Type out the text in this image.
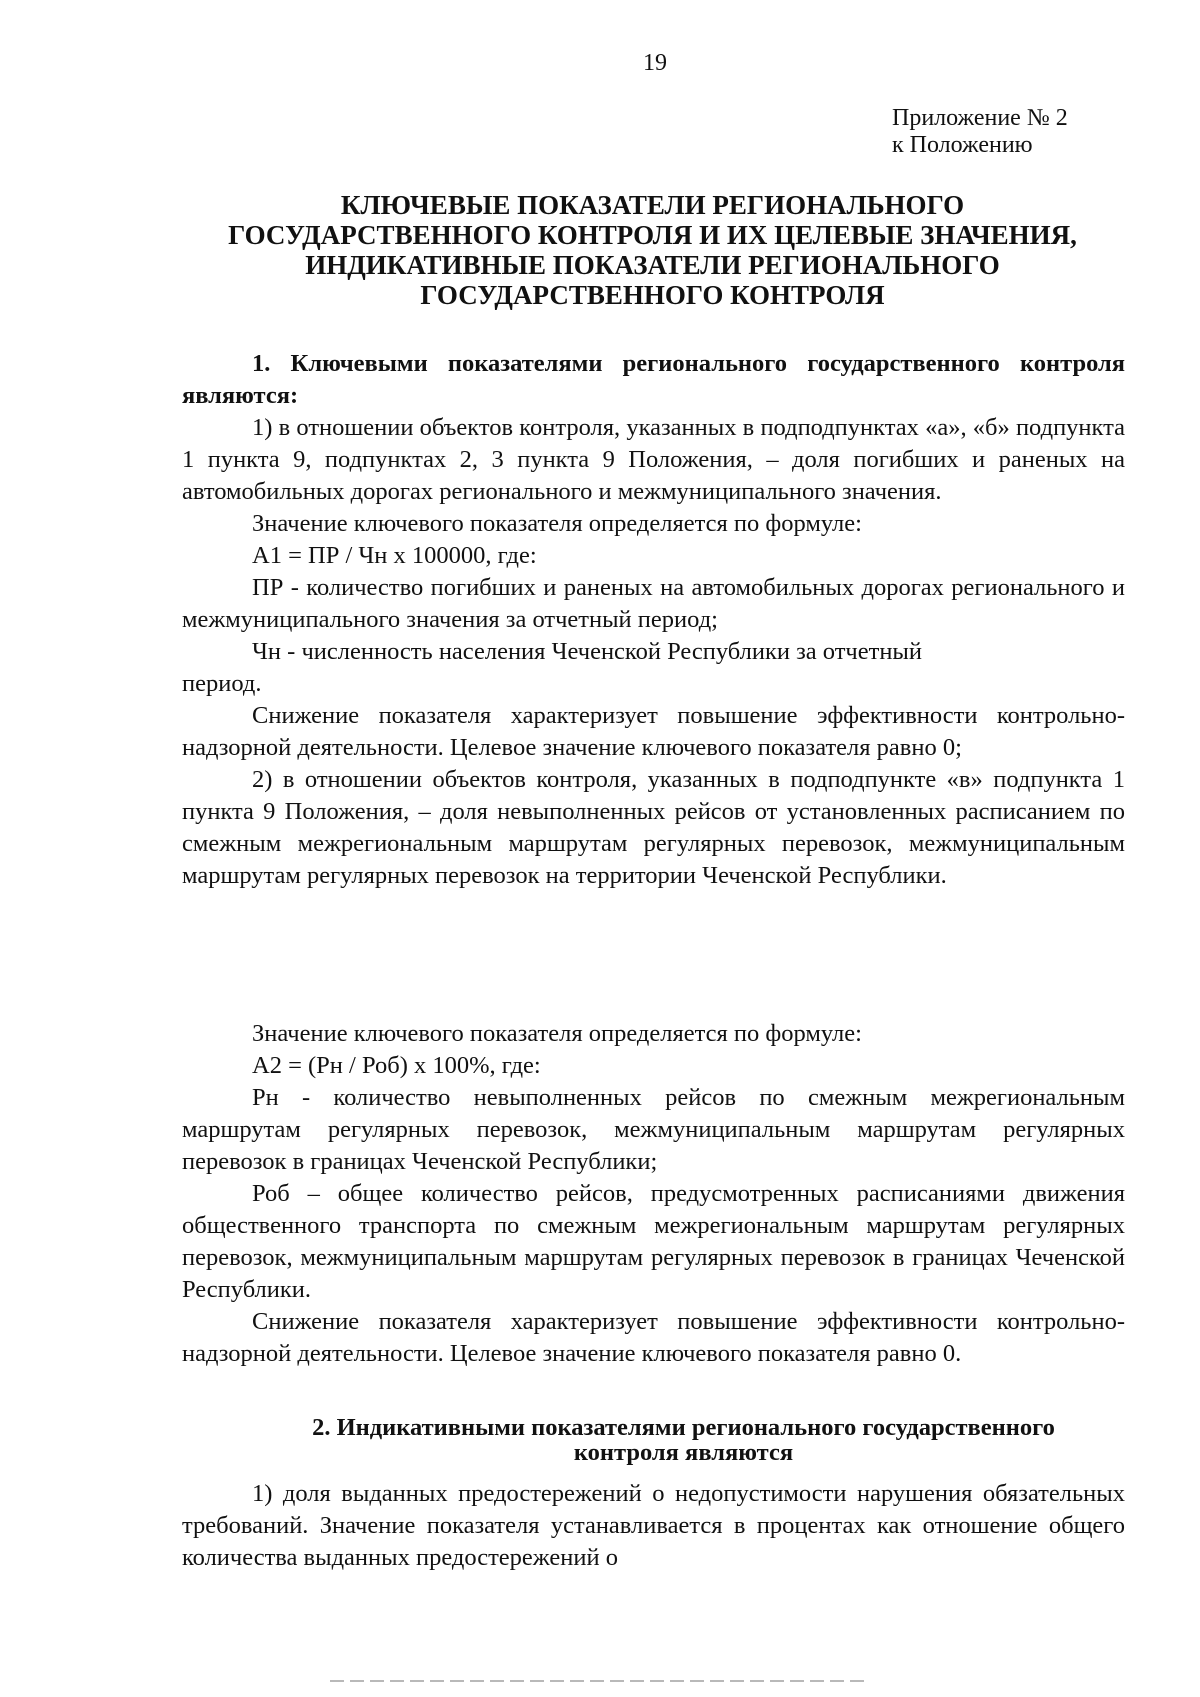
19
Приложение № 2
к Положению
КЛЮЧЕВЫЕ ПОКАЗАТЕЛИ РЕГИОНАЛЬНОГО
ГОСУДАРСТВЕННОГО КОНТРОЛЯ И ИХ ЦЕЛЕВЫЕ ЗНАЧЕНИЯ,
ИНДИКАТИВНЫЕ ПОКАЗАТЕЛИ РЕГИОНАЛЬНОГО
ГОСУДАРСТВЕННОГО КОНТРОЛЯ

1. Ключевыми показателями регионального государственного контроля являются:

1) в отношении объектов контроля, указанных в подподпунктах «а», «б» подпункта 1 пункта 9, подпунктах 2, 3 пункта 9 Положения, – доля погибших и раненых на автомобильных дорогах регионального и межмуниципального значения.

Значение ключевого показателя определяется по формуле:

А1 = ПР / Чн х 100000, где:

ПР - количество погибших и раненых на автомобильных дорогах регионального и межмуниципального значения за отчетный период;

Чн - численность населения Чеченской Республики за отчетный

период.

Снижение показателя характеризует повышение эффективности контрольно-надзорной деятельности. Целевое значение ключевого показателя равно 0;

2) в отношении объектов контроля, указанных в подподпункте «в» подпункта 1 пункта 9 Положения, – доля невыполненных рейсов от установленных расписанием по смежным межрегиональным маршрутам регулярных перевозок, межмуниципальным маршрутам регулярных перевозок на территории Чеченской Республики.

Значение ключевого показателя определяется по формуле:

А2 = (Рн / Роб) х 100%, где:

Рн - количество невыполненных рейсов по смежным межрегиональным маршрутам регулярных перевозок, межмуниципальным маршрутам регулярных перевозок в границах Чеченской Республики;

Роб – общее количество рейсов, предусмотренных расписаниями движения общественного транспорта по смежным межрегиональным маршрутам регулярных перевозок, межмуниципальным маршрутам регулярных перевозок в границах Чеченской Республики.

Снижение показателя характеризует повышение эффективности контрольно-надзорной деятельности. Целевое значение ключевого показателя равно 0.

2. Индикативными показателями регионального государственного
контроля являются

1) доля выданных предостережений о недопустимости нарушения обязательных требований. Значение показателя устанавливается в процентах как отношение общего количества выданных предостережений о
